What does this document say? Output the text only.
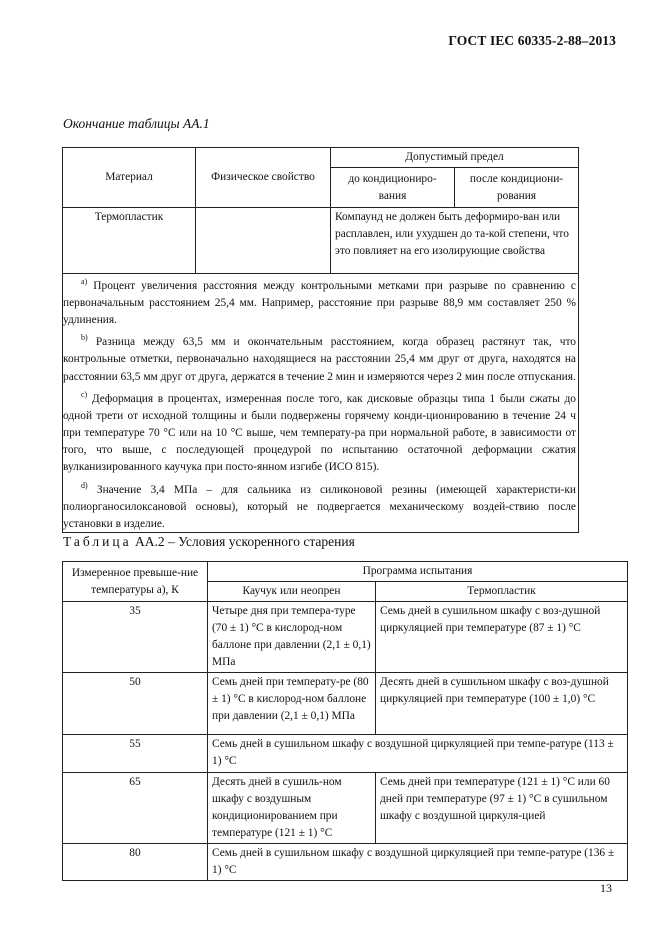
ГОСТ IEC 60335-2-88–2013
Окончание таблицы АА.1
Материал	Физическое свойство	Допустимый предел	
		до кондициониро-вания	после кондициони-рования
Термопластик		Компаунд не должен быть деформиро-ван или расплавлен, или ухудшен до та-кой степени, что это повлияет на его изолирующие свойства	

$^{a)}$ Процент увеличения расстояния между контрольными метками при разрыве по сравнению с первоначальным расстоянием 25,4 мм. Например, расстояние при разрыве 88,9 мм составляет 250 % удлинения.

$^{b)}$ Разница между 63,5 мм и окончательным расстоянием, когда образец растянут так, что контрольные отметки, первоначально находящиеся на расстоянии 25,4 мм друг от друга, находятся на расстоянии 63,5 мм друг от друга, держатся в течение 2 мин и измеряются через 2 мин после отпускания.

$^{c)}$ Деформация в процентах, измеренная после того, как дисковые образцы типа 1 были сжаты до одной трети от исходной толщины и были подвержены горячему конди-ционированию в течение 24 ч при температуре 70 °С или на 10 °С выше, чем температу-ра при нормальной работе, в зависимости от того, что выше, с последующей процедурой по испытанию остаточной деформации сжатия вулканизированного каучука при посто-янном изгибе (ИСО 815).

$^{d)}$ Значение 3,4 МПа – для сальника из силиконовой резины (имеющей характеристи-ки полиорганосилоксановой основы), который не подвергается механическому воздей-ствию после установки в изделие.

Таблица АА.2 – Условия ускоренного старения
Измеренное превыше-ние температуры а), К	Программа испытания	
	Каучук или неопрен	Термопластик
35	Четыре дня при темпера-туре (70 ± 1) °С в кислород-ном баллоне при давлении (2,1 ± 0,1) МПа	Семь дней в сушильном шкафу с воз-душной циркуляцией при температуре (87 ± 1) °С
50	Семь дней при температу-ре (80 ± 1) °С в кислород-ном баллоне при давлении (2,1 ± 0,1) МПа	Десять дней в сушильном шкафу с воз-душной циркуляцией при температуре (100 ± 1,0) °С
55	Семь дней в сушильном шкафу с воздушной циркуляцией при темпе-ратуре (113 ± 1) °С	
65	Десять дней в сушиль-ном шкафу с воздушным кондиционированием при температуре (121 ± 1) °С	Семь дней при температуре (121 ± 1) °С или 60 дней при температуре (97 ± 1) °С в сушильном шкафу с воздушной циркуля-цией
80	Семь дней в сушильном шкафу с воздушной циркуляцией при темпе-ратуре (136 ± 1) °С	
13
